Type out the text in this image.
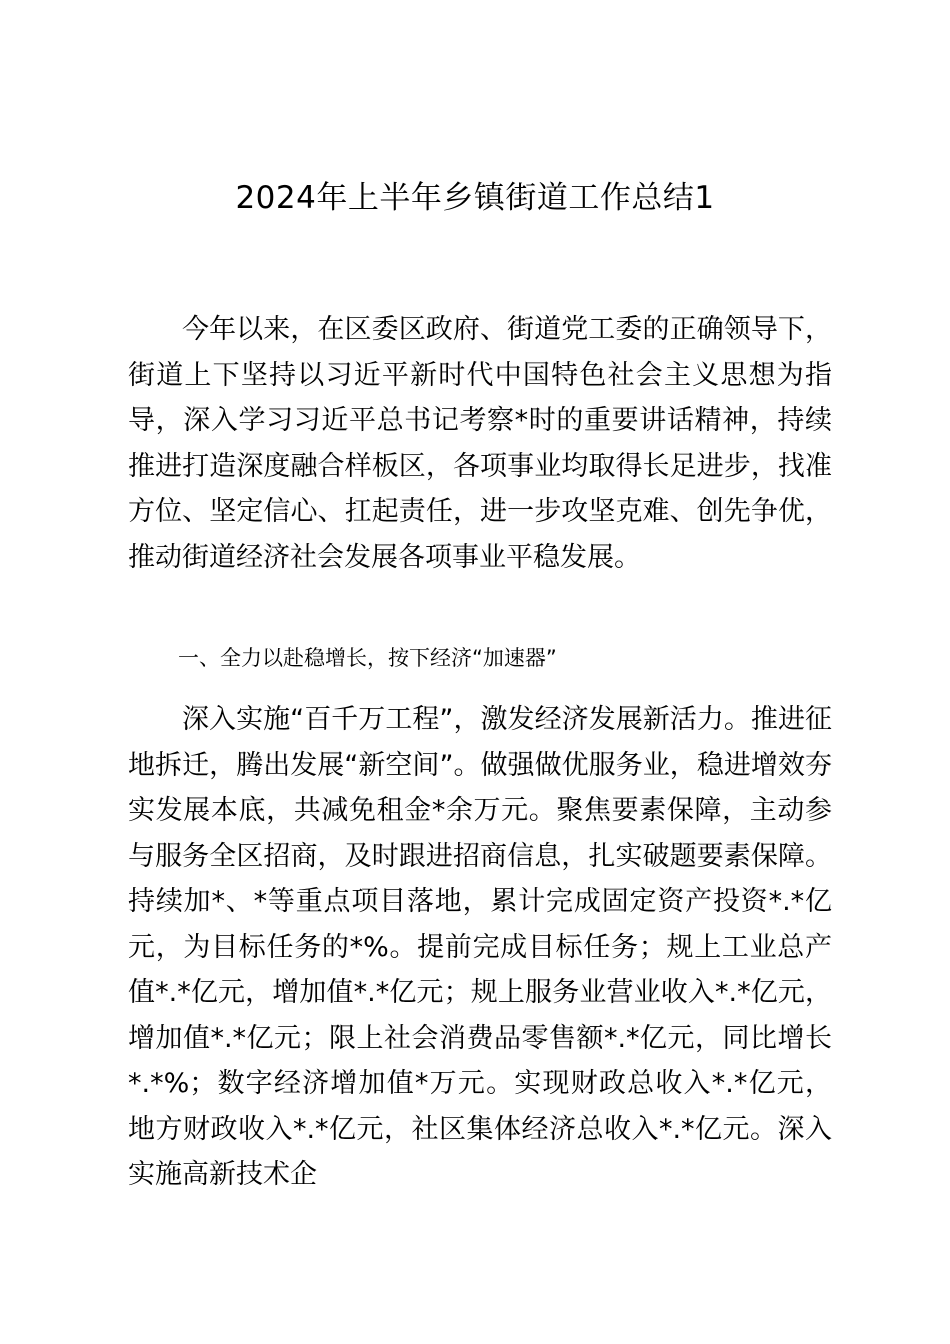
2024年上半年乡镇街道工作总结1

今年以来，在区委区政府、街道党工委的正确领导下，街道上下坚持以习近平新时代中国特色社会主义思想为指导，深入学习习近平总书记考察*时的重要讲话精神，持续推进打造深度融合样板区，各项事业均取得长足进步，找准方位、坚定信心、扛起责任，进一步攻坚克难、创先争优，推动街道经济社会发展各项事业平稳发展。

一、全力以赴稳增长，按下经济“加速器”

深入实施“百千万工程”，激发经济发展新活力。推进征地拆迁，腾出发展“新空间”。做强做优服务业，稳进增效夯实发展本底，共减免租金*余万元。聚焦要素保障，主动参与服务全区招商，及时跟进招商信息，扎实破题要素保障。持续加*、*等重点项目落地，累计完成固定资产投资*.*亿元，为目标任务的*%。提前完成目标任务；规上工业总产值*.*亿元，增加值*.*亿元；规上服务业营业收入*.*亿元，增加值*.*亿元；限上社会消费品零售额*.*亿元，同比增长*.*%；数字经济增加值*万元。实现财政总收入*.*亿元，地方财政收入*.*亿元，社区集体经济总收入*.*亿元。深入实施高新技术企
